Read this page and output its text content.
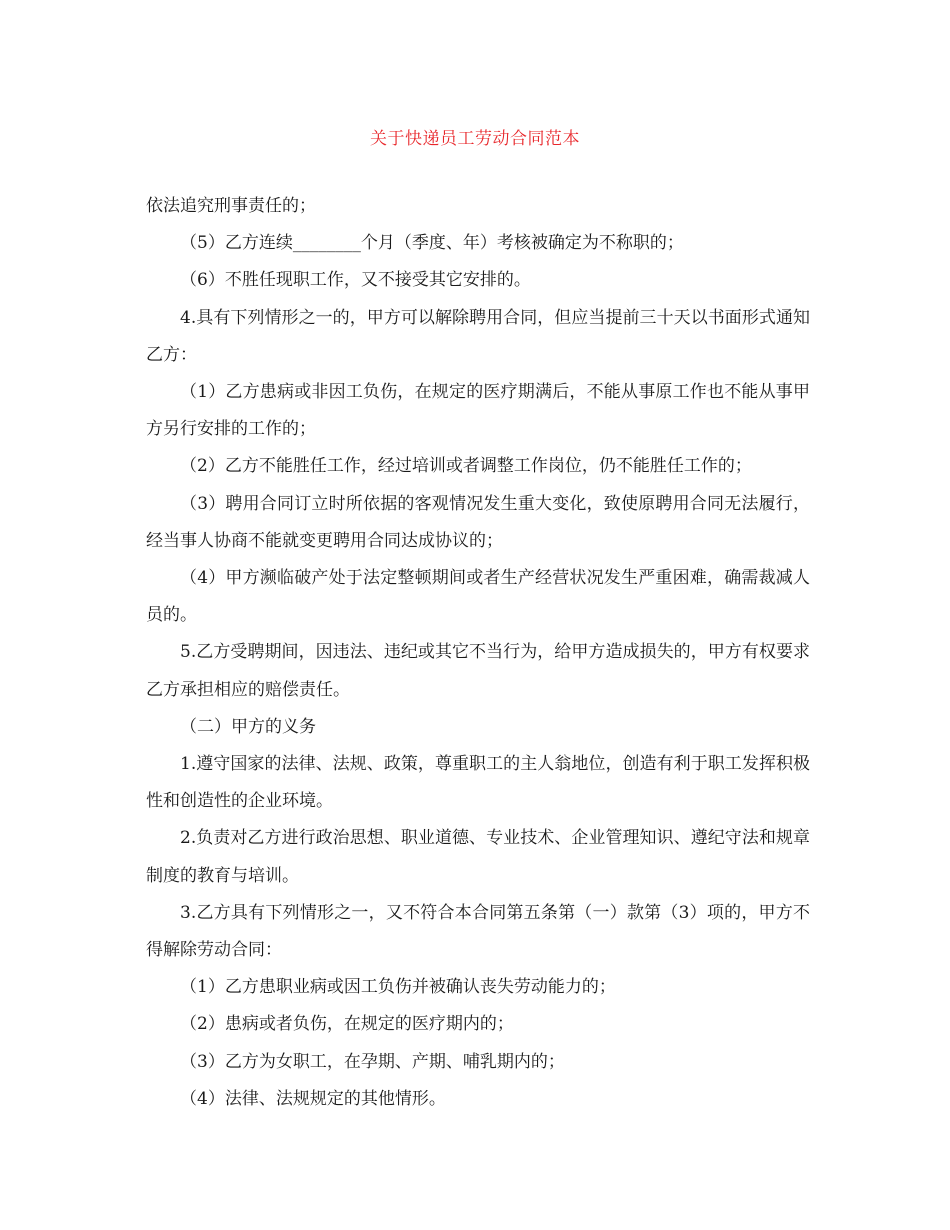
关于快递员工劳动合同范本

依法追究刑事责任的；

（5）乙方连续________个月（季度、年）考核被确定为不称职的；

（6）不胜任现职工作，又不接受其它安排的。

4.具有下列情形之一的，甲方可以解除聘用合同，但应当提前三十天以书面形式通知乙方：

（1）乙方患病或非因工负伤，在规定的医疗期满后，不能从事原工作也不能从事甲方另行安排的工作的；

（2）乙方不能胜任工作，经过培训或者调整工作岗位，仍不能胜任工作的；

（3）聘用合同订立时所依据的客观情况发生重大变化，致使原聘用合同无法履行，经当事人协商不能就变更聘用合同达成协议的；

（4）甲方濒临破产处于法定整顿期间或者生产经营状况发生严重困难，确需裁减人员的。

5.乙方受聘期间，因违法、违纪或其它不当行为，给甲方造成损失的，甲方有权要求乙方承担相应的赔偿责任。

（二）甲方的义务

1.遵守国家的法律、法规、政策，尊重职工的主人翁地位，创造有利于职工发挥积极性和创造性的企业环境。

2.负责对乙方进行政治思想、职业道德、专业技术、企业管理知识、遵纪守法和规章制度的教育与培训。

3.乙方具有下列情形之一，又不符合本合同第五条第（一）款第（3）项的，甲方不得解除劳动合同：

（1）乙方患职业病或因工负伤并被确认丧失劳动能力的；

（2）患病或者负伤，在规定的医疗期内的；

（3）乙方为女职工，在孕期、产期、哺乳期内的；

（4）法律、法规规定的其他情形。
